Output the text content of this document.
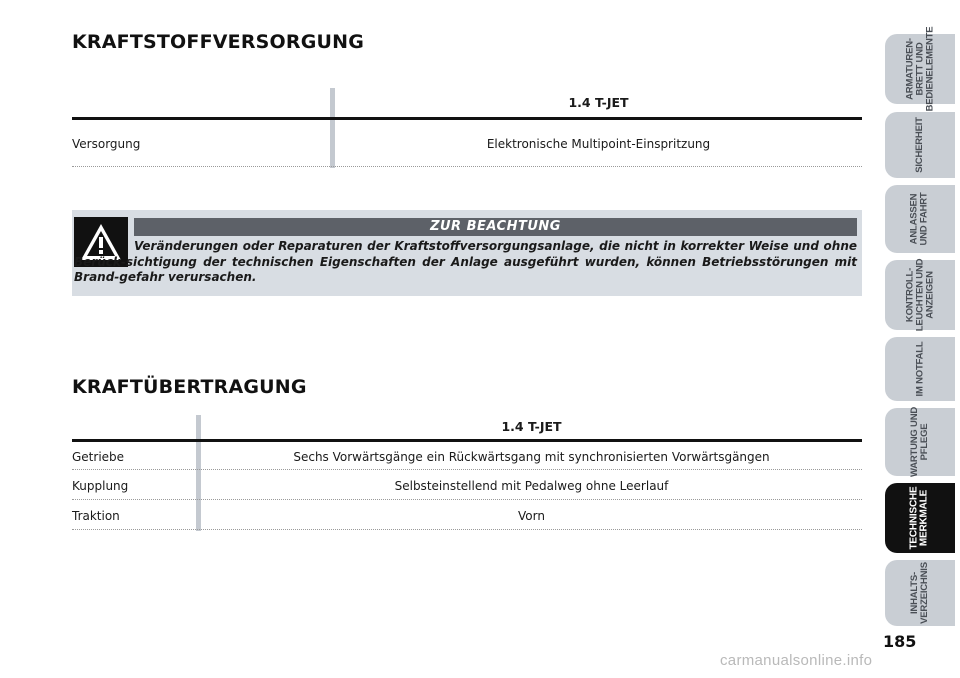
KRAFTSTOFFVERSORGUNG
1.4 T-JET
Versorgung	Elektronische Multipoint-Einspritzung
ZUR BEACHTUNG
Veränderungen oder Reparaturen der Kraftstoffversorgungsanlage, die nicht in korrekter Weise und ohne Berück-sichtigung der technischen Eigenschaften der Anlage ausgeführt wurden, können Betriebsstörungen mit Brand-gefahr verursachen.
KRAFTÜBERTRAGUNG
1.4 T-JET
Getriebe	Sechs Vorwärtsgänge ein Rückwärtsgang mit synchronisierten Vorwärtsgängen
Kupplung	Selbsteinstellend mit Pedalweg ohne Leerlauf
Traktion	Vorn
ARMATUREN-
BRETT UND
BEDIENELEMENTE
SICHERHEIT
ANLASSEN
UND FAHRT
KONTROLL-
LEUCHTEN UND
ANZEIGEN
IM NOTFALL
WARTUNG UND
PFLEGE
TECHNISCHE
MERKMALE
INHALTS-
VERZEICHNIS
185
carmanualsonline.info
